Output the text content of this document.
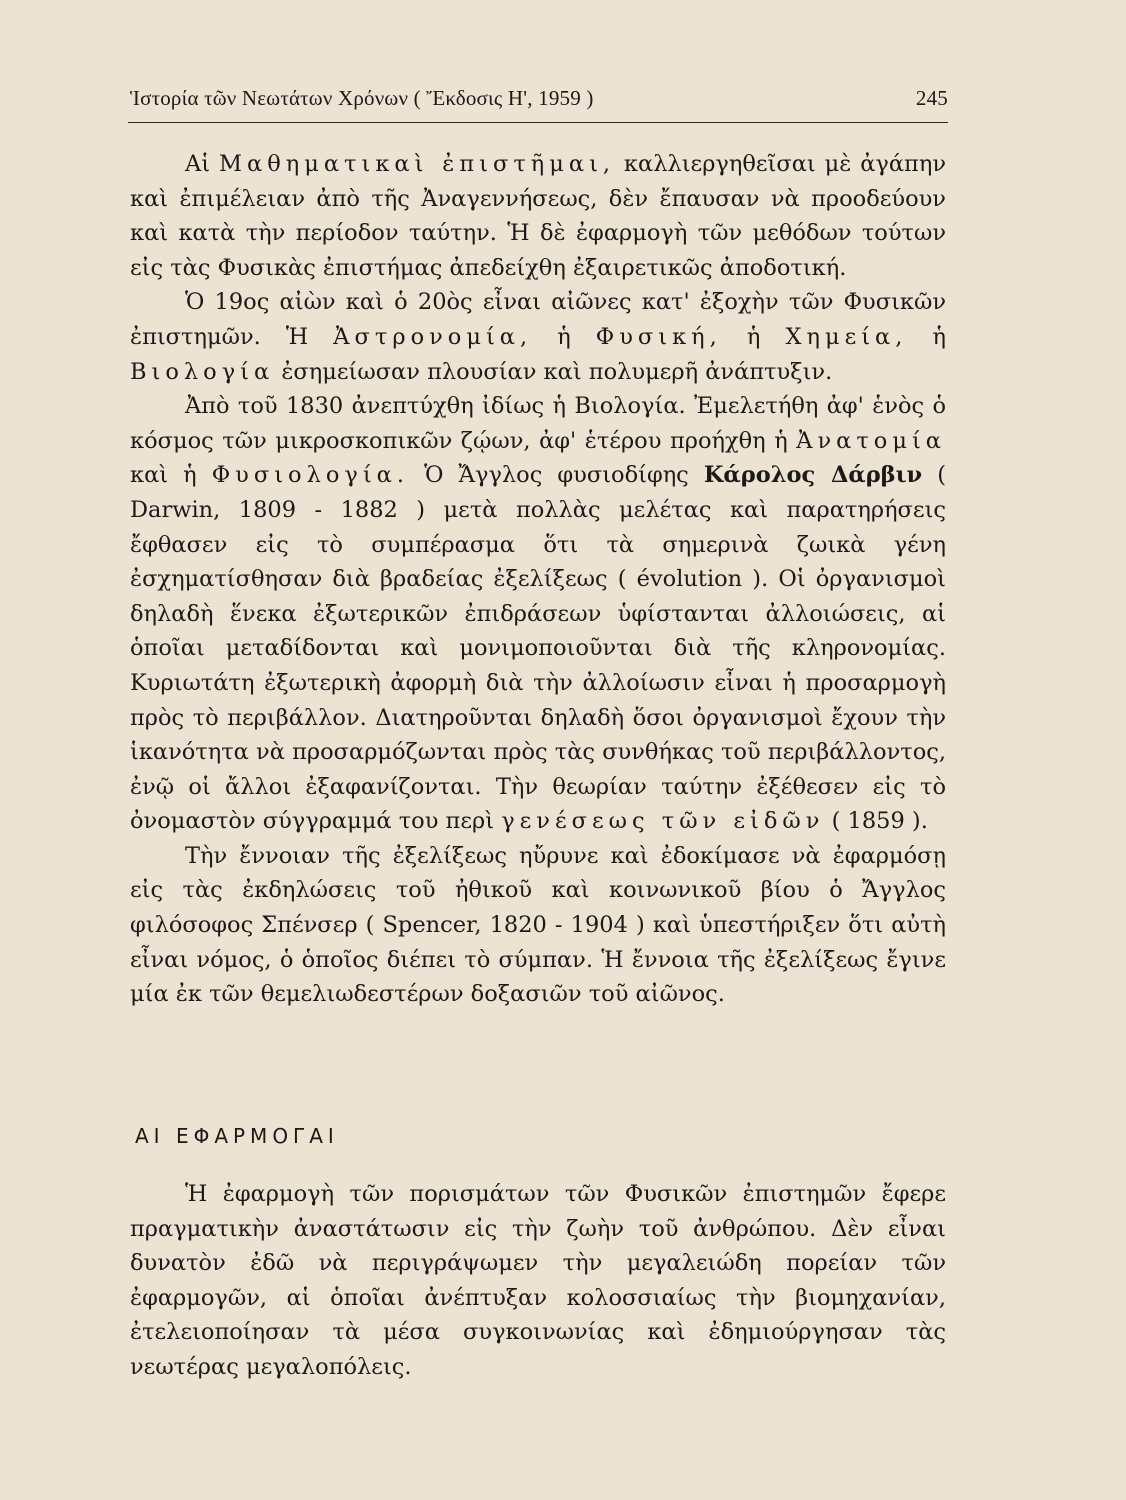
Ἱστορία τῶν Νεωτάτων Χρόνων ( Ἔκδοσις Η', 1959 )	245

Αἱ Μαθηματικαὶ ἐπιστῆμαι, καλλιεργηθεῖσαι μὲ ἀγάπην καὶ ἐπιμέλειαν ἀπὸ τῆς Ἀναγεννήσεως, δὲν ἔπαυσαν νὰ προοδεύουν καὶ κατὰ τὴν περίοδον ταύτην. Ἡ δὲ ἐφαρμογὴ τῶν μεθόδων τούτων εἰς τὰς Φυσικὰς ἐπιστήμας ἀπεδείχθη ἐξαιρετικῶς ἀποδοτική.

Ὁ 19ος αἰὼν καὶ ὁ 20ὸς εἶναι αἰῶνες κατ' ἐξοχὴν τῶν Φυσικῶν ἐπιστημῶν. Ἡ Ἀστρονομία, ἡ Φυσική, ἡ Χημεία, ἡ Βιολογία ἐσημείωσαν πλουσίαν καὶ πολυμερῆ ἀνάπτυξιν.

Ἀπὸ τοῦ 1830 ἀνεπτύχθη ἰδίως ἡ Βιολογία. Ἐμελετήθη ἀφ' ἑνὸς ὁ κόσμος τῶν μικροσκοπικῶν ζῴων, ἀφ' ἑτέρου προήχθη ἡ Ἀνατομία καὶ ἡ Φυσιολογία. Ὁ Ἄγγλος φυσιοδίφης Κάρολος Δάρβιν ( Darwin, 1809 - 1882 ) μετὰ πολλὰς μελέτας καὶ παρατηρήσεις ἔφθασεν εἰς τὸ συμπέρασμα ὅτι τὰ σημερινὰ ζωικὰ γένη ἐσχηματίσθησαν διὰ βραδείας ἐξελίξεως ( évolution ). Οἱ ὀργανισμοὶ δηλαδὴ ἕνεκα ἐξωτερικῶν ἐπιδράσεων ὑφίστανται ἀλλοιώσεις, αἱ ὁποῖαι μεταδίδονται καὶ μονιμοποιοῦνται διὰ τῆς κληρονομίας. Κυριωτάτη ἐξωτερικὴ ἀφορμὴ διὰ τὴν ἀλλοίωσιν εἶναι ἡ προσαρμογὴ πρὸς τὸ περιβάλλον. Διατηροῦνται δηλαδὴ ὅσοι ὀργανισμοὶ ἔχουν τὴν ἱκανότητα νὰ προσαρμόζωνται πρὸς τὰς συνθήκας τοῦ περιβάλλοντος, ἐνῷ οἱ ἄλλοι ἐξαφανίζονται. Τὴν θεωρίαν ταύτην ἐξέθεσεν εἰς τὸ ὀνομαστὸν σύγγραμμά του περὶ γενέσεως τῶν εἰδῶν ( 1859 ).

Τὴν ἔννοιαν τῆς ἐξελίξεως ηὔρυνε καὶ ἐδοκίμασε νὰ ἐφαρμόσῃ εἰς τὰς ἐκδηλώσεις τοῦ ἠθικοῦ καὶ κοινωνικοῦ βίου ὁ Ἄγγλος φιλόσοφος Σπένσερ ( Spencer, 1820 - 1904 ) καὶ ὑπεστήριξεν ὅτι αὐτὴ εἶναι νόμος, ὁ ὁποῖος διέπει τὸ σύμπαν. Ἡ ἔννοια τῆς ἐξελίξεως ἔγινε μία ἐκ τῶν θεμελιωδεστέρων δοξασιῶν τοῦ αἰῶνος.

ΑΙ ΕΦΑΡΜΟΓΑΙ

Ἡ ἐφαρμογὴ τῶν πορισμάτων τῶν Φυσικῶν ἐπιστημῶν ἔφερε πραγματικὴν ἀναστάτωσιν εἰς τὴν ζωὴν τοῦ ἀνθρώπου. Δὲν εἶναι δυνατὸν ἐδῶ νὰ περιγράψωμεν τὴν μεγαλειώδη πορείαν τῶν ἐφαρμογῶν, αἱ ὁποῖαι ἀνέπτυξαν κολοσσιαίως τὴν βιομηχανίαν, ἐτελειοποίησαν τὰ μέσα συγκοινωνίας καὶ ἐδημιούργησαν τὰς νεωτέρας μεγαλοπόλεις.
